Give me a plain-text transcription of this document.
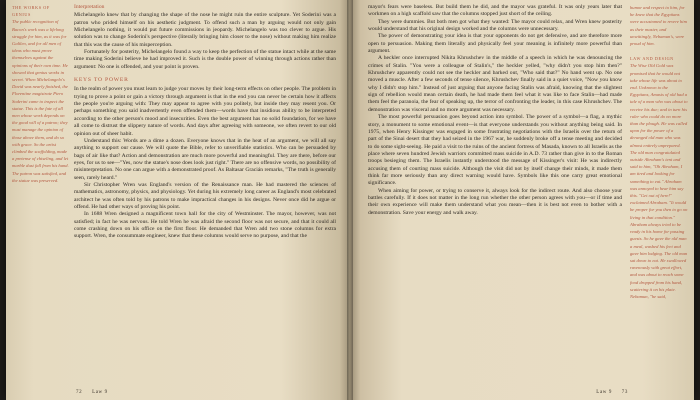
THE WORKS OF GENIUS
The public recognition of Bacon's work was a lifelong struggle for him, as it was for Galileo, and for all men of ideas who must prove themselves against the opinions of their own time. He showed that genius works in secret. When Michelangelo's David was nearly finished, the Florentine magistrate Piero Soderini came to inspect the statue. This is the fate of all men whose work depends on the good will of a patron; they must manage the opinion of those above them, and do so with grace. So the artist climbed the scaffolding, made a pretense of chiseling, and let marble dust fall from his hand. The patron was satisfied, and the statue was preserved.
Interpretation

Michelangelo knew that by changing the shape of the nose he might ruin the entire sculpture. Yet Soderini was a patron who prided himself on his aesthetic judgment. To offend such a man by arguing would not only gain Michelangelo nothing, it would put future commissions in jeopardy. Michelangelo was too clever to argue. His solution was to change Soderini's perspective (literally bringing him closer to the nose) without making him realize that this was the cause of his misperception.

Fortunately for posterity, Michelangelo found a way to keep the perfection of the statue intact while at the same time making Soderini believe he had improved it. Such is the double power of winning through actions rather than argument: No one is offended, and your point is proven.

KEYS TO POWER

In the realm of power you must learn to judge your moves by their long-term effects on other people. The problem in trying to prove a point or gain a victory through argument is that in the end you can never be certain how it affects the people you're arguing with: They may appear to agree with you politely, but inside they may resent you. Or perhaps something you said inadvertently even offended them—words have that insidious ability to be interpreted according to the other person's mood and insecurities. Even the best argument has no solid foundation, for we have all come to distrust the slippery nature of words. And days after agreeing with someone, we often revert to our old opinion out of sheer habit.

Understand this: Words are a dime a dozen. Everyone knows that in the heat of an argument, we will all say anything to support our cause. We will quote the Bible, refer to unverifiable statistics. Who can be persuaded by bags of air like that? Action and demonstration are much more powerful and meaningful. They are there, before our eyes, for us to see—"Yes, now the statue's nose does look just right." There are no offensive words, no possibility of misinterpretation. No one can argue with a demonstrated proof. As Baltasar Gracián remarks, "The truth is generally seen, rarely heard."

Sir Christopher Wren was England's version of the Renaissance man. He had mastered the sciences of mathematics, astronomy, physics, and physiology. Yet during his extremely long career as England's most celebrated architect he was often told by his patrons to make impractical changes in his designs. Never once did he argue or offend. He had other ways of proving his point.

In 1688 Wren designed a magnificent town hall for the city of Westminster. The mayor, however, was not satisfied; in fact he was nervous. He told Wren he was afraid the second floor was not secure, and that it could all come crashing down on his office on the first floor. He demanded that Wren add two stone columns for extra support. Wren, the consummate engineer, knew that these columns would serve no purpose, and that the

72 Law 9

mayor's fears were baseless. But build them he did, and the mayor was grateful. It was only years later that workmen on a high scaffold saw that the columns stopped just short of the ceiling.

They were dummies. But both men got what they wanted: The mayor could relax, and Wren knew posterity would understand that his original design worked and the columns were unnecessary.

The power of demonstrating your idea is that your opponents do not get defensive, and are therefore more open to persuasion. Making them literally and physically feel your meaning is infinitely more powerful than argument.

A heckler once interrupted Nikita Khrushchev in the middle of a speech in which he was denouncing the crimes of Stalin. "You were a colleague of Stalin's," the heckler yelled, "why didn't you stop him then?" Khrushchev apparently could not see the heckler and barked out, "Who said that?" No hand went up. No one moved a muscle. After a few seconds of tense silence, Khrushchev finally said in a quiet voice, "Now you know why I didn't stop him." Instead of just arguing that anyone facing Stalin was afraid, knowing that the slightest sign of rebellion would mean certain death, he had made them feel what it was like to face Stalin—had made them feel the paranoia, the fear of speaking up, the terror of confronting the leader, in this case Khrushchev. The demonstration was visceral and no more argument was necessary.

The most powerful persuasion goes beyond action into symbol. The power of a symbol—a flag, a mythic story, a monument to some emotional event—is that everyone understands you without anything being said. In 1975, when Henry Kissinger was engaged in some frustrating negotiations with the Israelis over the return of part of the Sinai desert that they had seized in the 1967 war, he suddenly broke off a tense meeting and decided to do some sight-seeing. He paid a visit to the ruins of the ancient fortress of Masada, known to all Israelis as the place where seven hundred Jewish warriors committed mass suicide in A.D. 73 rather than give in to the Roman troops besieging them. The Israelis instantly understood the message of Kissinger's visit: He was indirectly accusing them of courting mass suicide. Although the visit did not by itself change their minds, it made them think far more seriously than any direct warning would have. Symbols like this one carry great emotional significance.

When aiming for power, or trying to conserve it, always look for the indirect route. And also choose your battles carefully. If it does not matter in the long run whether the other person agrees with you—or if time and their own experience will make them understand what you mean—then it is best not even to bother with a demonstration. Save your energy and walk away.

humor and respect to him, for he knew that the Egyptians were accustomed to revere him as their master, and unwittingly, Nebamun's, were proud of him.
LAW AND DESIGN
The Wise Old Gold was promised that he would not take whose life was about to end. Unknown to the Egyptians, Amasis of old had a tale of a man who was about to receive his due; and in turn his ruler who could do no more than the plough. He was called upon for the power of a deranged old man who was almost entirely unprepared. The old man congratulated outside Abraham's tent and said to him, "Oh Abraham, I am tired and looking for something to eat." Abraham was annoyed to hear him say this. "Get out of here!" exclaimed Abraham. "It would be proper for you then to go on living in that condition." Abraham always tried to be ready in his home for passing guests. So he gave the old man a meal, washed his feet and gave him lodging. The old man sat down to eat. He swallowed ravenously with great effort, and was about to reach some food dropped from his hand, scattering it on his plate. Nebamun, "he said,
Law 9 73
